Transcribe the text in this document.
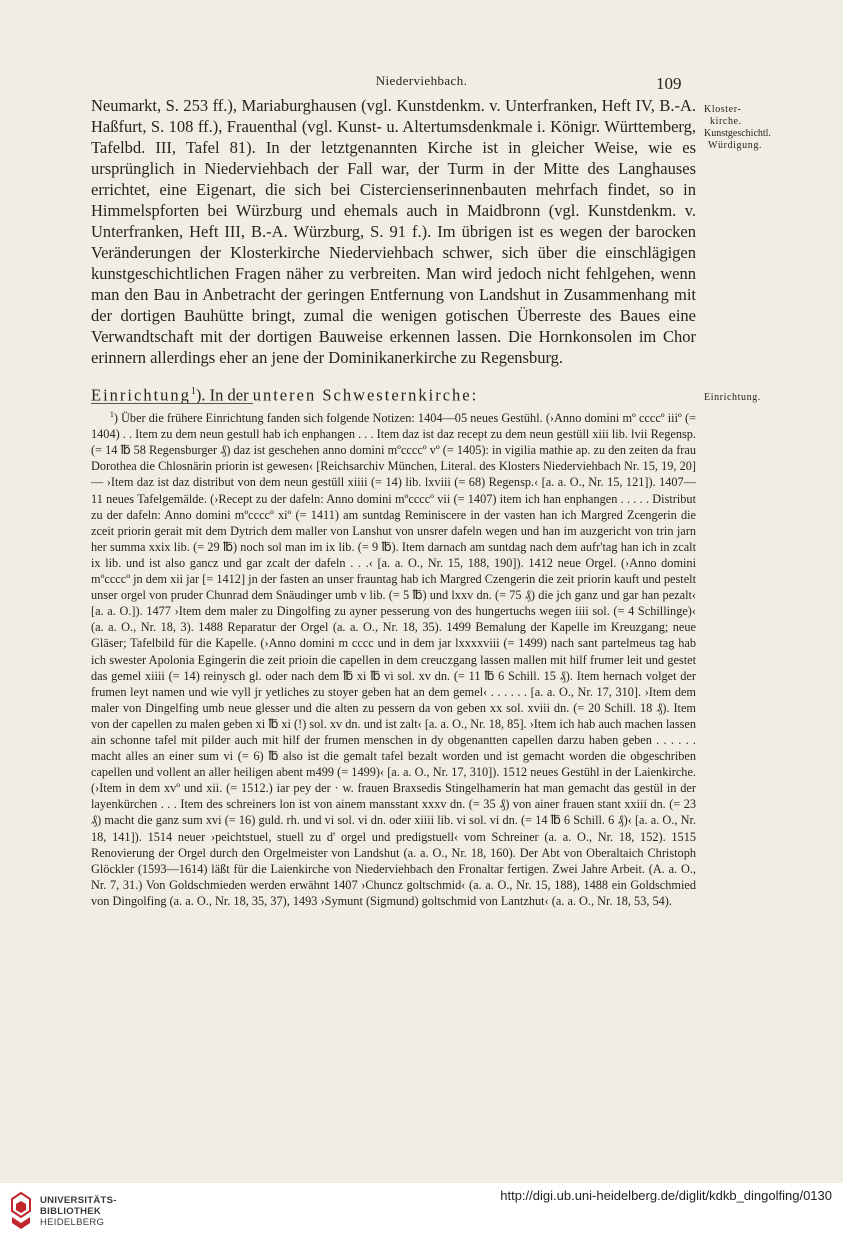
Niederviehbach.	109

Neumarkt, S. 253 ff.), Mariaburghausen (vgl. Kunstdenkm. v. Unterfranken, Heft IV, B.-A. Haßfurt, S. 108 ff.), Frauenthal (vgl. Kunst- u. Altertumsdenkmale i. Königr. Württemberg, Tafelbd. III, Tafel 81). In der letztgenannten Kirche ist in gleicher Weise, wie es ursprünglich in Niederviehbach der Fall war, der Turm in der Mitte des Langhauses errichtet, eine Eigenart, die sich bei Cistercienserinnenbauten mehrfach findet, so in Himmelspforten bei Würzburg und ehemals auch in Maidbronn (vgl. Kunstdenkm. v. Unterfranken, Heft III, B.-A. Würzburg, S. 91 f.). Im übrigen ist es wegen der barocken Veränderungen der Klosterkirche Niederviehbach schwer, sich über die einschlägigen kunstgeschichtlichen Fragen näher zu verbreiten. Man wird jedoch nicht fehlgehen, wenn man den Bau in Anbetracht der geringen Entfernung von Landshut in Zusammenhang mit der dortigen Bauhütte bringt, zumal die wenigen gotischen Überreste des Baues eine Verwandtschaft mit der dortigen Bauweise erkennen lassen. Die Hornkonsolen im Chor erinnern allerdings eher an jene der Dominikanerkirche zu Regensburg.

Einrichtung$^1$). In der unteren Schwesternkirche:

$^1$) Über die frühere Einrichtung fanden sich folgende Notizen: 1404—05 neues Gestühl. (›Anno domini mº ccccº iiiº (= 1404) . . Item zu dem neun gestull hab ich enphangen . . . Item daz ist daz recept zu dem neun gestüll xiii lib. lvii Regensp. (= 14 ℔ 58 Regensburger ₰) daz ist geschehen anno domini mºccccº vº (= 1405): in vigilia mathie ap. zu den zeiten da frau Dorothea die Chlosnärin priorin ist gewesen‹ [Reichsarchiv München, Literal. des Klosters Niederviehbach Nr. 15, 19, 20] — ›Item daz ist daz distribut von dem neun gestüll xiiii (= 14) lib. lxviii (= 68) Regensp.‹ [a. a. O., Nr. 15, 121]). 1407—11 neues Tafelgemälde. (›Recept zu der dafeln: Anno domini mºccccº vii (= 1407) item ich han enphangen . . . . . Distribut zu der dafeln: Anno domini mºccccº xiº (= 1411) am suntdag Reminiscere in der vasten han ich Margred Zcengerin die zceit priorin gerait mit dem Dytrich dem maller von Lanshut von unsrer dafeln wegen und han im auzgericht von trin jarn her summa xxix lib. (= 29 ℔) noch sol man im ix lib. (= 9 ℔). Item darnach am suntdag nach dem aufr'tag han ich in zcalt ix lib. und ist also gancz und gar zcalt der dafeln . . .‹ [a. a. O., Nr. 15, 188, 190]). 1412 neue Orgel. (›Anno domini mºccccº jn dem xii jar [= 1412] jn der fasten an unser frauntag hab ich Margred Czengerin die zeit priorin kauft und pestelt unser orgel von pruder Chunrad dem Snäudinger umb v lib. (= 5 ℔) und lxxv dn. (= 75 ₰) die jch ganz und gar han pezalt‹ [a. a. O.]). 1477 ›Item dem maler zu Dingolfing zu ayner pesserung von des hungertuchs wegen iiii sol. (= 4 Schillinge)‹ (a. a. O., Nr. 18, 3). 1488 Reparatur der Orgel (a. a. O., Nr. 18, 35). 1499 Bemalung der Kapelle im Kreuzgang; neue Gläser; Tafelbild für die Kapelle. (›Anno domini m cccc und in dem jar lxxxxviii (= 1499) nach sant partelmeus tag hab ich swester Apolonia Egingerin die zeit prioin die capellen in dem creuczgang lassen mallen mit hilf frumer leit und gestet das gemel xiiii (= 14) reinysch gl. oder nach dem ℔ xi ℔ vi sol. xv dn. (= 11 ℔ 6 Schill. 15 ₰). Item hernach volget der frumen leyt namen und wie vyll jr yetliches zu stoyer geben hat an dem gemel‹ . . . . . . [a. a. O., Nr. 17, 310]. ›Item dem maler von Dingelfing umb neue glesser und die alten zu pessern da von geben xx sol. xviii dn. (= 20 Schill. 18 ₰). Item von der capellen zu malen geben xi ℔ xi (!) sol. xv dn. und ist zalt‹ [a. a. O., Nr. 18, 85]. ›Item ich hab auch machen lassen ain schonne tafel mit pilder auch mit hilf der frumen menschen in dy obgenantten capellen darzu haben geben . . . . . . macht alles an einer sum vi (= 6) ℔ also ist die gemalt tafel bezalt worden und ist gemacht worden die obgeschriben capellen und vollent an aller heiligen abent m499 (= 1499)‹ [a. a. O., Nr. 17, 310]). 1512 neues Gestühl in der Laienkirche. (›Item in dem xvº und xii. (= 1512.) iar pey der · w. frauen Braxsedis Stingelhamerin hat man gemacht das gestül in der layenkürchen . . . Item des schreiners lon ist von ainem mansstant xxxv dn. (= 35 ₰) von ainer frauen stant xxiii dn. (= 23 ₰) macht die ganz sum xvi (= 16) guld. rh. und vi sol. vi dn. oder xiiii lib. vi sol. vi dn. (= 14 ℔ 6 Schill. 6 ₰)‹ [a. a. O., Nr. 18, 141]). 1514 neuer ›peichtstuel, stuell zu d' orgel und predigstuell‹ vom Schreiner (a. a. O., Nr. 18, 152). 1515 Renovierung der Orgel durch den Orgelmeister von Landshut (a. a. O., Nr. 18, 160). Der Abt von Oberaltaich Christoph Glöckler (1593—1614) läßt für die Laienkirche von Niederviehbach den Fronaltar fertigen. Zwei Jahre Arbeit. (A. a. O., Nr. 7, 31.) Von Goldschmieden werden erwähnt 1407 ›Chuncz goltschmid‹ (a. a. O., Nr. 15, 188), 1488 ein Goldschmied von Dingolfing (a. a. O., Nr. 18, 35, 37), 1493 ›Symunt (Sigmund) goltschmid von Lantzhut‹ (a. a. O., Nr. 18, 53, 54).

Kloster-
kirche.
Kunstgeschichtl.
Würdigung.
Einrichtung.
UNIVERSITÄTS-
BIBLIOTHEK
HEIDELBERG
http://digi.ub.uni-heidelberg.de/diglit/kdkb_dingolfing/0130
